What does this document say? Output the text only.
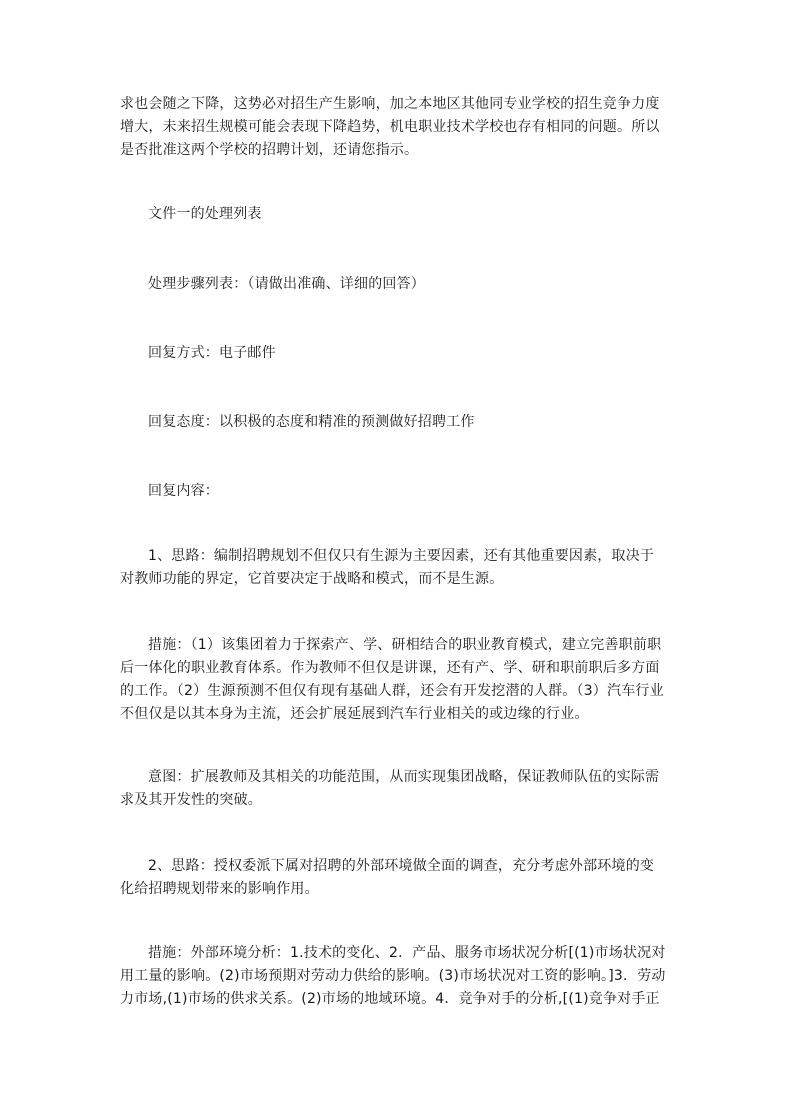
求也会随之下降，这势必对招生产生影响，加之本地区其他同专业学校的招生竞争力度增大，未来招生规模可能会表现下降趋势，机电职业技术学校也存有相同的问题。所以是否批准这两个学校的招聘计划，还请您指示。

文件一的处理列表

处理步骤列表：（请做出准确、详细的回答）

回复方式：电子邮件

回复态度：以积极的态度和精准的预测做好招聘工作

回复内容：

1、思路：编制招聘规划不但仅只有生源为主要因素，还有其他重要因素，取决于对教师功能的界定，它首要决定于战略和模式，而不是生源。

措施：（1）该集团着力于探索产、学、研相结合的职业教育模式，建立完善职前职后一体化的职业教育体系。作为教师不但仅是讲课，还有产、学、研和职前职后多方面的工作。（2）生源预测不但仅有现有基础人群，还会有开发挖潜的人群。（3）汽车行业不但仅是以其本身为主流，还会扩展延展到汽车行业相关的或边缘的行业。

意图：扩展教师及其相关的功能范围，从而实现集团战略，保证教师队伍的实际需求及其开发性的突破。

2、思路：授权委派下属对招聘的外部环境做全面的调查，充分考虑外部环境的变化给招聘规划带来的影响作用。

措施：外部环境分析：1.技术的变化、2．产品、服务市场状况分析[(1)市场状况对用工量的影响。(2)市场预期对劳动力供给的影响。(3)市场状况对工资的影响。]3．劳动力市场,(1)市场的供求关系。(2)市场的地域环境。4．竞争对手的分析,[(1)竞争对手正
